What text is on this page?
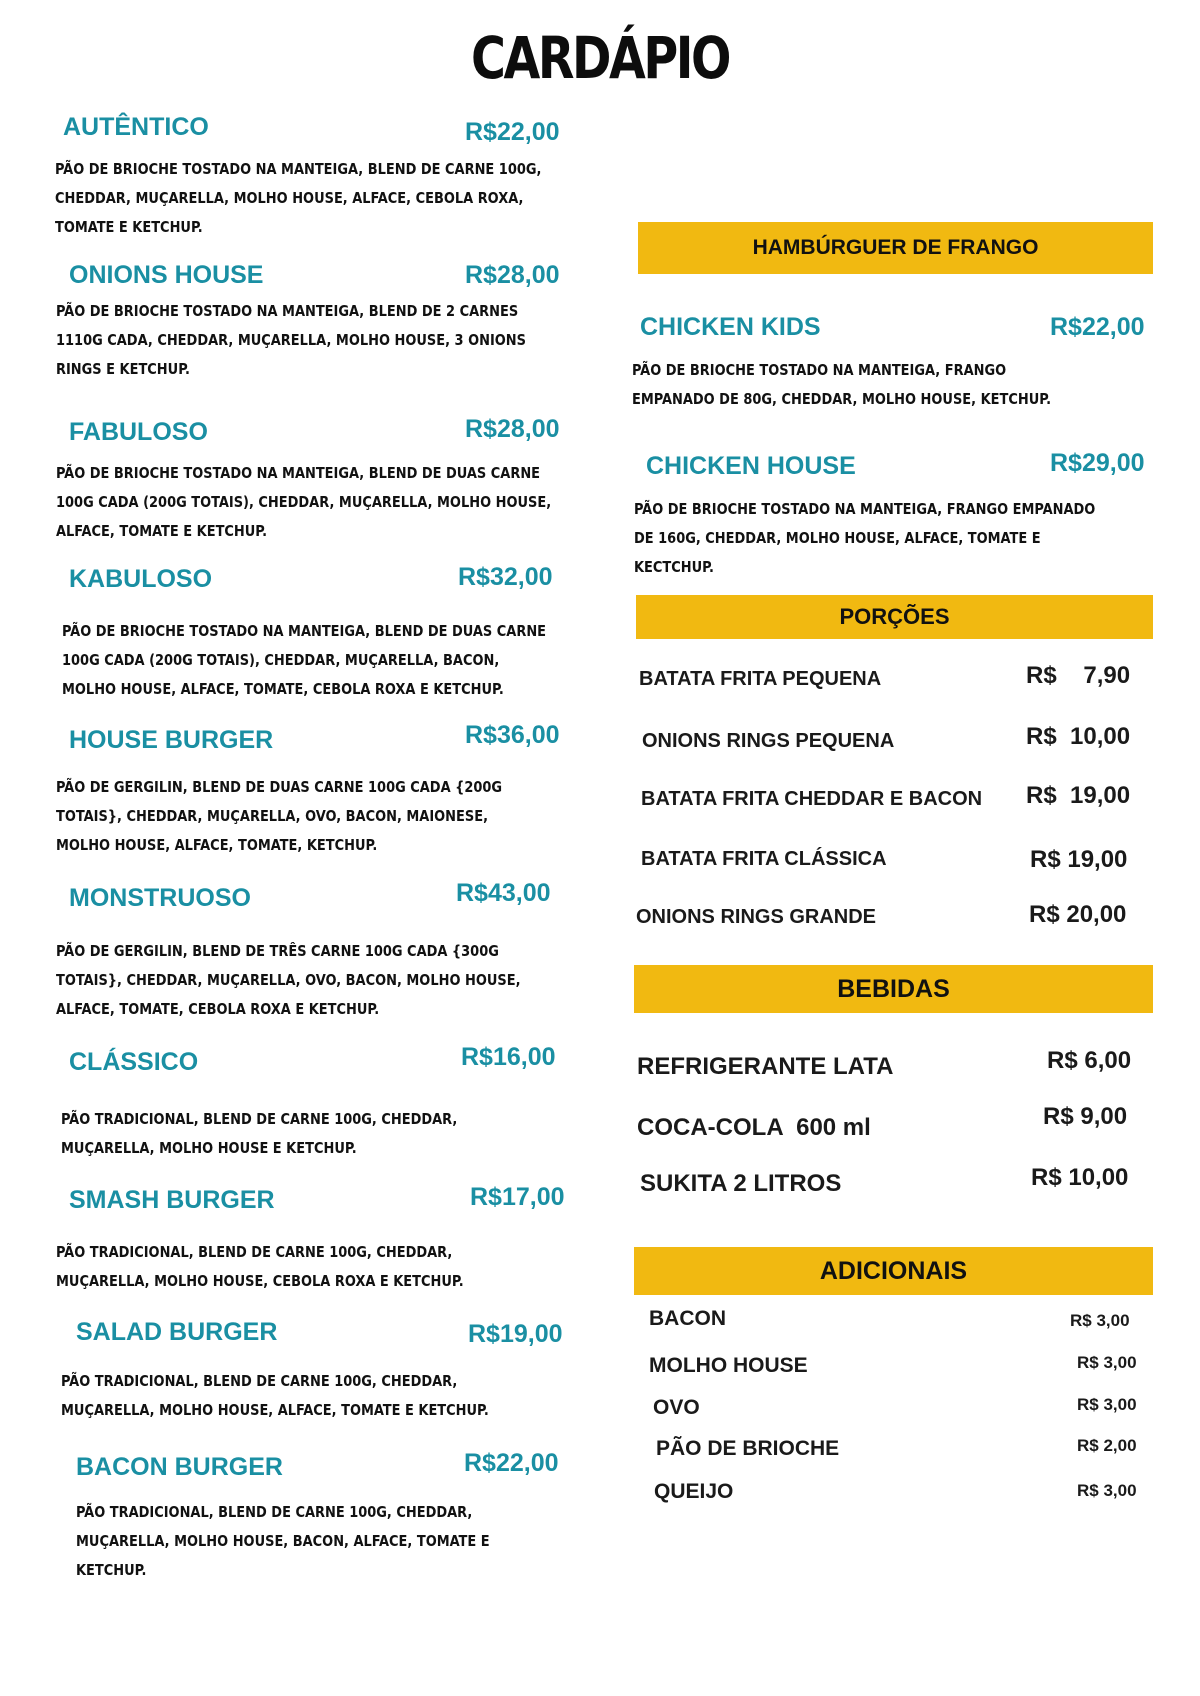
CARDÁPIO
AUTÊNTICO	R$22,00
PÃO DE BRIOCHE TOSTADO NA MANTEIGA, BLEND DE CARNE 100G,
CHEDDAR, MUÇARELLA, MOLHO HOUSE, ALFACE, CEBOLA ROXA,
TOMATE E KETCHUP.
ONIONS HOUSE	R$28,00
PÃO DE BRIOCHE TOSTADO NA MANTEIGA, BLEND DE 2 CARNES
1110G CADA, CHEDDAR, MUÇARELLA, MOLHO HOUSE, 3 ONIONS
RINGS E KETCHUP.
FABULOSO	R$28,00
PÃO DE BRIOCHE TOSTADO NA MANTEIGA, BLEND DE DUAS CARNE
100G CADA (200G TOTAIS), CHEDDAR, MUÇARELLA, MOLHO HOUSE,
ALFACE, TOMATE E KETCHUP.
KABULOSO	R$32,00
PÃO DE BRIOCHE TOSTADO NA MANTEIGA, BLEND DE DUAS CARNE
100G CADA (200G TOTAIS), CHEDDAR, MUÇARELLA, BACON,
MOLHO HOUSE, ALFACE, TOMATE, CEBOLA ROXA E KETCHUP.
HOUSE BURGER	R$36,00
PÃO DE GERGILIN, BLEND DE DUAS CARNE 100G CADA {200G
TOTAIS}, CHEDDAR, MUÇARELLA, OVO, BACON, MAIONESE,
MOLHO HOUSE, ALFACE, TOMATE, KETCHUP.
MONSTRUOSO	R$43,00
PÃO DE GERGILIN, BLEND DE TRÊS CARNE 100G CADA {300G
TOTAIS}, CHEDDAR, MUÇARELLA, OVO, BACON, MOLHO HOUSE,
ALFACE, TOMATE, CEBOLA ROXA E KETCHUP.
CLÁSSICO	R$16,00
PÃO TRADICIONAL, BLEND DE CARNE 100G, CHEDDAR,
MUÇARELLA, MOLHO HOUSE E KETCHUP.
SMASH BURGER	R$17,00
PÃO TRADICIONAL, BLEND DE CARNE 100G, CHEDDAR,
MUÇARELLA, MOLHO HOUSE, CEBOLA ROXA E KETCHUP.
SALAD BURGER	R$19,00
PÃO TRADICIONAL, BLEND DE CARNE 100G, CHEDDAR,
MUÇARELLA, MOLHO HOUSE, ALFACE, TOMATE E KETCHUP.
BACON BURGER	R$22,00
PÃO TRADICIONAL, BLEND DE CARNE 100G, CHEDDAR,
MUÇARELLA, MOLHO HOUSE, BACON, ALFACE, TOMATE E
KETCHUP.
HAMBÚRGUER DE FRANGO
CHICKEN KIDS	R$22,00
PÃO DE BRIOCHE TOSTADO NA MANTEIGA, FRANGO
EMPANADO DE 80G, CHEDDAR, MOLHO HOUSE, KETCHUP.
CHICKEN HOUSE	R$29,00
PÃO DE BRIOCHE TOSTADO NA MANTEIGA, FRANGO EMPANADO
DE 160G, CHEDDAR, MOLHO HOUSE, ALFACE, TOMATE E
KECTCHUP.
PORÇÕES
BATATA FRITA PEQUENA	R$    7,90
ONIONS RINGS PEQUENA	R$  10,00
BATATA FRITA CHEDDAR E BACON R$  19,00
BATATA FRITA CLÁSSICA	R$ 19,00
ONIONS RINGS GRANDE	R$ 20,00
BEBIDAS
REFRIGERANTE LATA	R$ 6,00
COCA-COLA  600 ml	R$ 9,00
SUKITA 2 LITROS	R$ 10,00
ADICIONAIS
BACON	R$ 3,00
MOLHO HOUSE	R$ 3,00
OVO	R$ 3,00
PÃO DE BRIOCHE	R$ 2,00
QUEIJO	R$ 3,00
